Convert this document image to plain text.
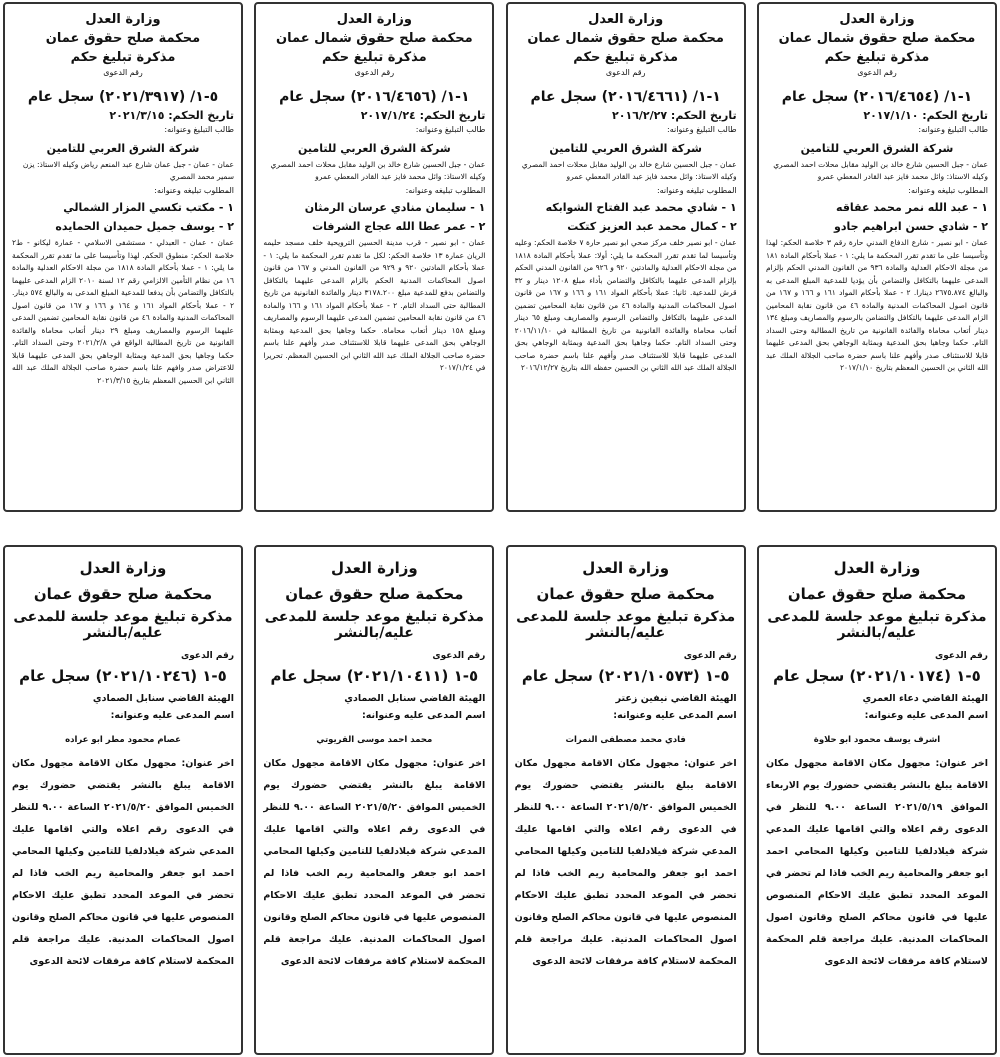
وزارة العدل
محكمة صلح حقوق شمال عمان
مذكرة تبليغ حكم
رقم الدعوى
١-١/ (٢٠١٦/٤٦٥٤) سجل عام
تاريخ الحكم: ٢٠١٧/١/١٠
طالب التبليغ وعنوانه:
شركة الشرق العربي للتامين
عمان - جبل الحسين شارع خالد بن الوليد مقابل محلات احمد المصري وكيله الاستاذ: وائل محمد فايز عبد القادر المعطي عمرو
المطلوب تبليغه وعنوانه:
١ - عبد الله نمر محمد عقاقه
٢ - شادي حسن ابراهيم جادو
عمان - ابو نصير - شارع الدفاع المدني حارة رقم ٣ خلاصة الحكم: لهذا وتأسيسا على ما تقدم تقرر المحكمة ما يلي: ١ - عملا بأحكام المادة ١٨١ من مجلة الاحكام العدلية والمادة ٩٣٦ من القانون المدني الحكم بإلزام المدعى عليهما بالتكافل والتضامن بأن يؤديا للمدعية المبلغ المدعى به والبالغ ٢٦٧٥.٨٧٤ دينارا. ٢ - عملا بأحكام المواد ١٦١ و ١٦٦ و ١٦٧ من قانون اصول المحاكمات المدنية والمادة ٤٦ من قانون نقابة المحامين الزام المدعى عليهما بالتكافل والتضامن بالرسوم والمصاريف ومبلغ ١٣٤ دينار أتعاب محاماة والفائدة القانونية من تاريخ المطالبة وحتى السداد التام. حكما وجاهيا بحق المدعية وبمثابة الوجاهي بحق المدعى عليهما قابلا للاستئناف صدر وأفهم علنا باسم حضرة صاحب الجلالة الملك عبد الله الثاني بن الحسين المعظم بتاريخ ٢٠١٧/١/١٠
وزارة العدل
محكمة صلح حقوق شمال عمان
مذكرة تبليغ حكم
رقم الدعوى
١-١/ (٢٠١٦/٤٦٦١) سجل عام
تاريخ الحكم: ٢٠١٦/٢/٢٧
طالب التبليغ وعنوانه:
شركة الشرق العربي للتامين
عمان - جبل الحسين شارع خالد بن الوليد مقابل محلات احمد المصري وكيله الاستاذ: وائل محمد فايز عبد القادر المعطي عمرو
المطلوب تبليغه وعنوانه:
١ - شادي محمد عبد الفتاح الشوابكه
٢ - كمال محمد عبد العزيز كتكت
عمان - ابو نصير خلف مركز صحي ابو نصير حارة ٧ خلاصة الحكم: وعليه وتأسيسا لما تقدم تقرر المحكمة ما يلي: أولا: عملا بأحكام المادة ١٨١٨ من مجلة الاحكام العدلية والمادتين ٩٢٠ و ٩٢٦ من القانون المدني الحكم بإلزام المدعى عليهما بالتكافل والتضامن بأداء مبلغ ١٢٠٨ دينار و ٣٢ قرش للمدعية. ثانيا: عملا بأحكام المواد ١٦١ و ١٦٦ و ١٦٧ من قانون اصول المحاكمات المدنية والمادة ٤٦ من قانون نقابة المحامين تضمين المدعى عليهما بالتكافل والتضامن الرسوم والمصاريف ومبلغ ٦٥ دينار أتعاب محاماة والفائدة القانونية من تاريخ المطالبة في ٢٠١٦/١١/١٠ وحتى السداد التام. حكما وجاهيا بحق المدعية وبمثابة الوجاهي بحق المدعى عليهما قابلا للاستئناف صدر وأفهم علنا باسم حضرة صاحب الجلالة الملك عبد الله الثاني بن الحسين حفظه الله بتاريخ ٢٠١٦/١٢/٢٧
وزارة العدل
محكمة صلح حقوق شمال عمان
مذكرة تبليغ حكم
رقم الدعوى
١-١/ (٢٠١٦/٤٦٥٦) سجل عام
تاريخ الحكم: ٢٠١٧/١/٢٤
طالب التبليغ وعنوانه:
شركة الشرق العربي للتامين
عمان - جبل الحسين شارع خالد بن الوليد مقابل محلات احمد المصري وكيله الاستاذ: وائل محمد فايز عبد القادر المعطي عمرو
المطلوب تبليغه وعنوانه:
١ - سليمان منادي عرسان الرمثان
٢ - عمر عطا الله عجاج الشرفات
عمان - ابو نصير - قرب مدينة الحسين الترويحية خلف مسجد حليمه الريان عمارة ١٣ خلاصة الحكم: لكل ما تقدم تقرر المحكمة ما يلي: ١ - عملا بأحكام المادتين ٩٢٠ و ٩٢٩ من القانون المدني و ١٦٧ من قانون اصول المحاكمات المدنية الحكم بالزام المدعى عليهما بالتكافل والتضامن بدفع للمدعية مبلغ ٣١٧٨.٢٠٠ دينار والفائدة القانونية من تاريخ المطالبة حتى السداد التام. ٢ - عملا بأحكام المواد ١٦١ و ١٦٦ والمادة ٤٦ من قانون نقابة المحامين تضمين المدعى عليهما الرسوم والمصاريف ومبلغ ١٥٨ دينار أتعاب محاماة. حكما وجاهيا بحق المدعية وبمثابة الوجاهي بحق المدعى عليهما قابلا للاستئناف صدر وأفهم علنا باسم حضرة صاحب الجلالة الملك عبد الله الثاني ابن الحسين المعظم. تحريرا في ٢٠١٧/١/٢٤
وزارة العدل
محكمة صلح حقوق عمان
مذكرة تبليغ حكم
رقم الدعوى
٥-١/ (٢٠٢١/٣٩١٧) سجل عام
تاريخ الحكم: ٢٠٢١/٣/١٥
طالب التبليغ وعنوانه:
شركة الشرق العربي للتامين
عمان - عمان - جبل عمان شارع عبد المنعم رياض وكيله الاستاذ: يزن سمير محمد المصري
المطلوب تبليغه وعنوانه:
١ - مكتب تكسي المزار الشمالي
٢ - يوسف جميل حميدان الحمايده
عمان - عمان - العبدلي - مستشفى الاسلامي - عمارة ليكانو - ط٢ خلاصة الحكم: منطوق الحكم. لهذا وتأسيسا على ما تقدم تقرر المحكمة ما يلي: ١ - عملا بأحكام المادة ١٨١٨ من مجلة الاحكام العدلية والمادة ١٦ من نظام التأمين الالزامي رقم ١٢ لسنة ٢٠١٠ الزام المدعى عليهما بالتكافل والتضامن بأن يدفعا للمدعية المبلغ المدعى به والبالغ ٥٧٤ دينار. ٢ - عملا بأحكام المواد ١٦١ و ١٦٤ و ١٦٦ و ١٦٧ من قانون اصول المحاكمات المدنية والمادة ٤٦ من قانون نقابة المحامين تضمين المدعى عليهما الرسوم والمصاريف ومبلغ ٢٩ دينار أتعاب محاماة والفائدة القانونية من تاريخ المطالبة الواقع في ٢٠٢١/٢/٨ وحتى السداد التام. حكما وجاهيا بحق المدعية وبمثابة الوجاهي بحق المدعى عليهما قابلا للاعتراض صدر وافهم علنا باسم حضرة صاحب الجلالة الملك عبد الله الثاني ابن الحسين المعظم بتاريخ ٢٠٢١/٣/١٥
وزارة العدل
محكمة صلح حقوق عمان
مذكرة تبليغ موعد جلسة للمدعى عليه/بالنشر
رقم الدعوى
٥-١ (٢٠٢١/١٠١٧٤) سجل عام
الهيئة القاضي دعاء العمري
اسم المدعى عليه وعنوانه:
اشرف يوسف محمود ابو حلاوة
اخر عنوان: مجهول مكان الاقامة مجهول مكان الاقامة يبلغ بالنشر يقتضي حضورك يوم الاربعاء الموافق ٢٠٢١/٥/١٩ الساعة ٩.٠٠ للنظر في الدعوى رقم اعلاه والتي اقامها عليك المدعي شركة فيلادلفيا للتامين وكيلها المحامي احمد ابو جعفر والمحامية ريم الخب فاذا لم تحضر في الموعد المحدد تطبق عليك الاحكام المنصوص عليها في قانون محاكم الصلح وقانون اصول المحاكمات المدنية. عليك مراجعة قلم المحكمة لاستلام كافة مرفقات لائحة الدعوى
وزارة العدل
محكمة صلح حقوق عمان
مذكرة تبليغ موعد جلسة للمدعى عليه/بالنشر
رقم الدعوى
٥-١ (٢٠٢١/١٠٥٧٣) سجل عام
الهيئة القاضي نيفين زعتر
اسم المدعى عليه وعنوانه:
فادي محمد مصطفى النمرات
اخر عنوان: مجهول مكان الاقامة مجهول مكان الاقامة يبلغ بالنشر يقتضي حضورك يوم الخميس الموافق ٢٠٢١/٥/٢٠ الساعة ٩.٠٠ للنظر في الدعوى رقم اعلاه والتي اقامها عليك المدعي شركة فيلادلفيا للتامين وكيلها المحامي احمد ابو جعفر والمحامية ريم الخب فاذا لم تحضر في الموعد المحدد تطبق عليك الاحكام المنصوص عليها في قانون محاكم الصلح وقانون اصول المحاكمات المدنية. عليك مراجعة قلم المحكمة لاستلام كافة مرفقات لائحة الدعوى
وزارة العدل
محكمة صلح حقوق عمان
مذكرة تبليغ موعد جلسة للمدعى عليه/بالنشر
رقم الدعوى
٥-١ (٢٠٢١/١٠٤١١) سجل عام
الهيئة القاضي سنابل الصمادي
اسم المدعى عليه وعنوانه:
محمد احمد موسى القريوتي
اخر عنوان: مجهول مكان الاقامة مجهول مكان الاقامة يبلغ بالنشر يقتضي حضورك يوم الخميس الموافق ٢٠٢١/٥/٢٠ الساعة ٩.٠٠ للنظر في الدعوى رقم اعلاه والتي اقامها عليك المدعي شركة فيلادلفيا للتامين وكيلها المحامي احمد ابو جعفر والمحامية ريم الخب فاذا لم تحضر في الموعد المحدد تطبق عليك الاحكام المنصوص عليها في قانون محاكم الصلح وقانون اصول المحاكمات المدنية. عليك مراجعة قلم المحكمة لاستلام كافة مرفقات لائحة الدعوى
وزارة العدل
محكمة صلح حقوق عمان
مذكرة تبليغ موعد جلسة للمدعى عليه/بالنشر
رقم الدعوى
٥-١ (٢٠٢١/١٠٢٤٦) سجل عام
الهيئة القاضي سنابل الصمادي
اسم المدعى عليه وعنوانه:
عصام محمود مطر ابو عراده
اخر عنوان: مجهول مكان الاقامة مجهول مكان الاقامة يبلغ بالنشر يقتضي حضورك يوم الخميس الموافق ٢٠٢١/٥/٢٠ الساعة ٩.٠٠ للنظر في الدعوى رقم اعلاه والتي اقامها عليك المدعي شركة فيلادلفيا للتامين وكيلها المحامي احمد ابو جعفر والمحامية ريم الخب فاذا لم تحضر في الموعد المحدد تطبق عليك الاحكام المنصوص عليها في قانون محاكم الصلح وقانون اصول المحاكمات المدنية. عليك مراجعة قلم المحكمة لاستلام كافة مرفقات لائحة الدعوى
